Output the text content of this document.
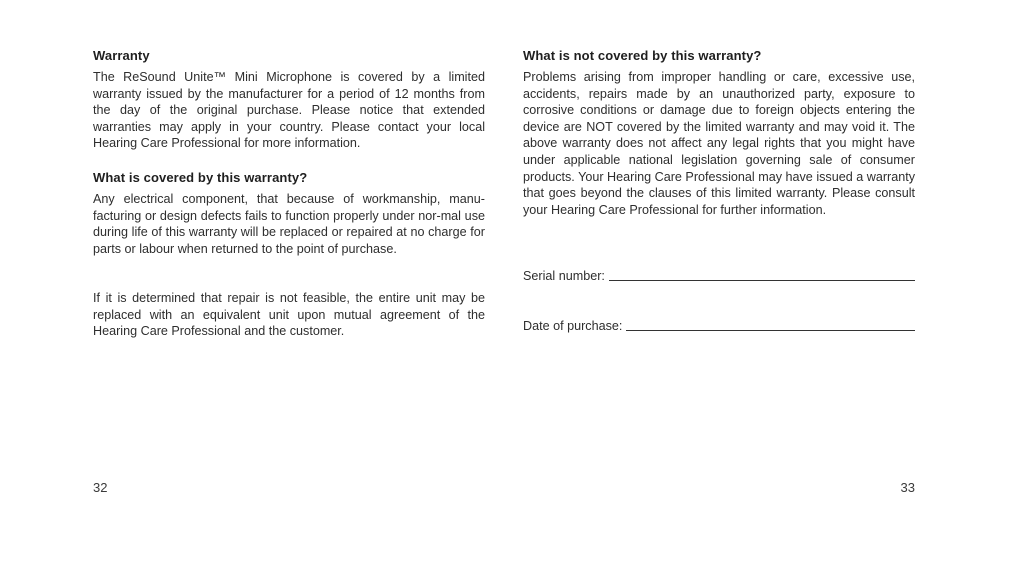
Warranty

The ReSound Unite™ Mini Microphone is covered by a limited warranty issued by the manufacturer for a period of 12 months from the day of the original purchase. Please notice that extended warranties may apply in your country. Please contact your local Hearing Care Professional for more information.

What is covered by this warranty?

Any electrical component, that because of workmanship, manu-facturing or design defects fails to function properly under nor-mal use during life of this warranty will be replaced or repaired at no charge for parts or labour when returned to the point of purchase.

If it is determined that repair is not feasible, the entire unit may be replaced with an equivalent unit upon mutual agreement of the Hearing Care Professional and the customer.

32
What is not covered by this warranty?

Problems arising from improper handling or care, excessive use, accidents, repairs made by an unauthorized party, exposure to corrosive conditions or damage due to foreign objects entering the device are NOT covered by the limited warranty and may void it. The above warranty does not affect any legal rights that you might have under applicable national legislation governing sale of consumer products. Your Hearing Care Professional may have issued a warranty that goes beyond the clauses of this limited warranty. Please consult your Hearing Care Professional for further information.

Serial number:
Date of purchase:
33
